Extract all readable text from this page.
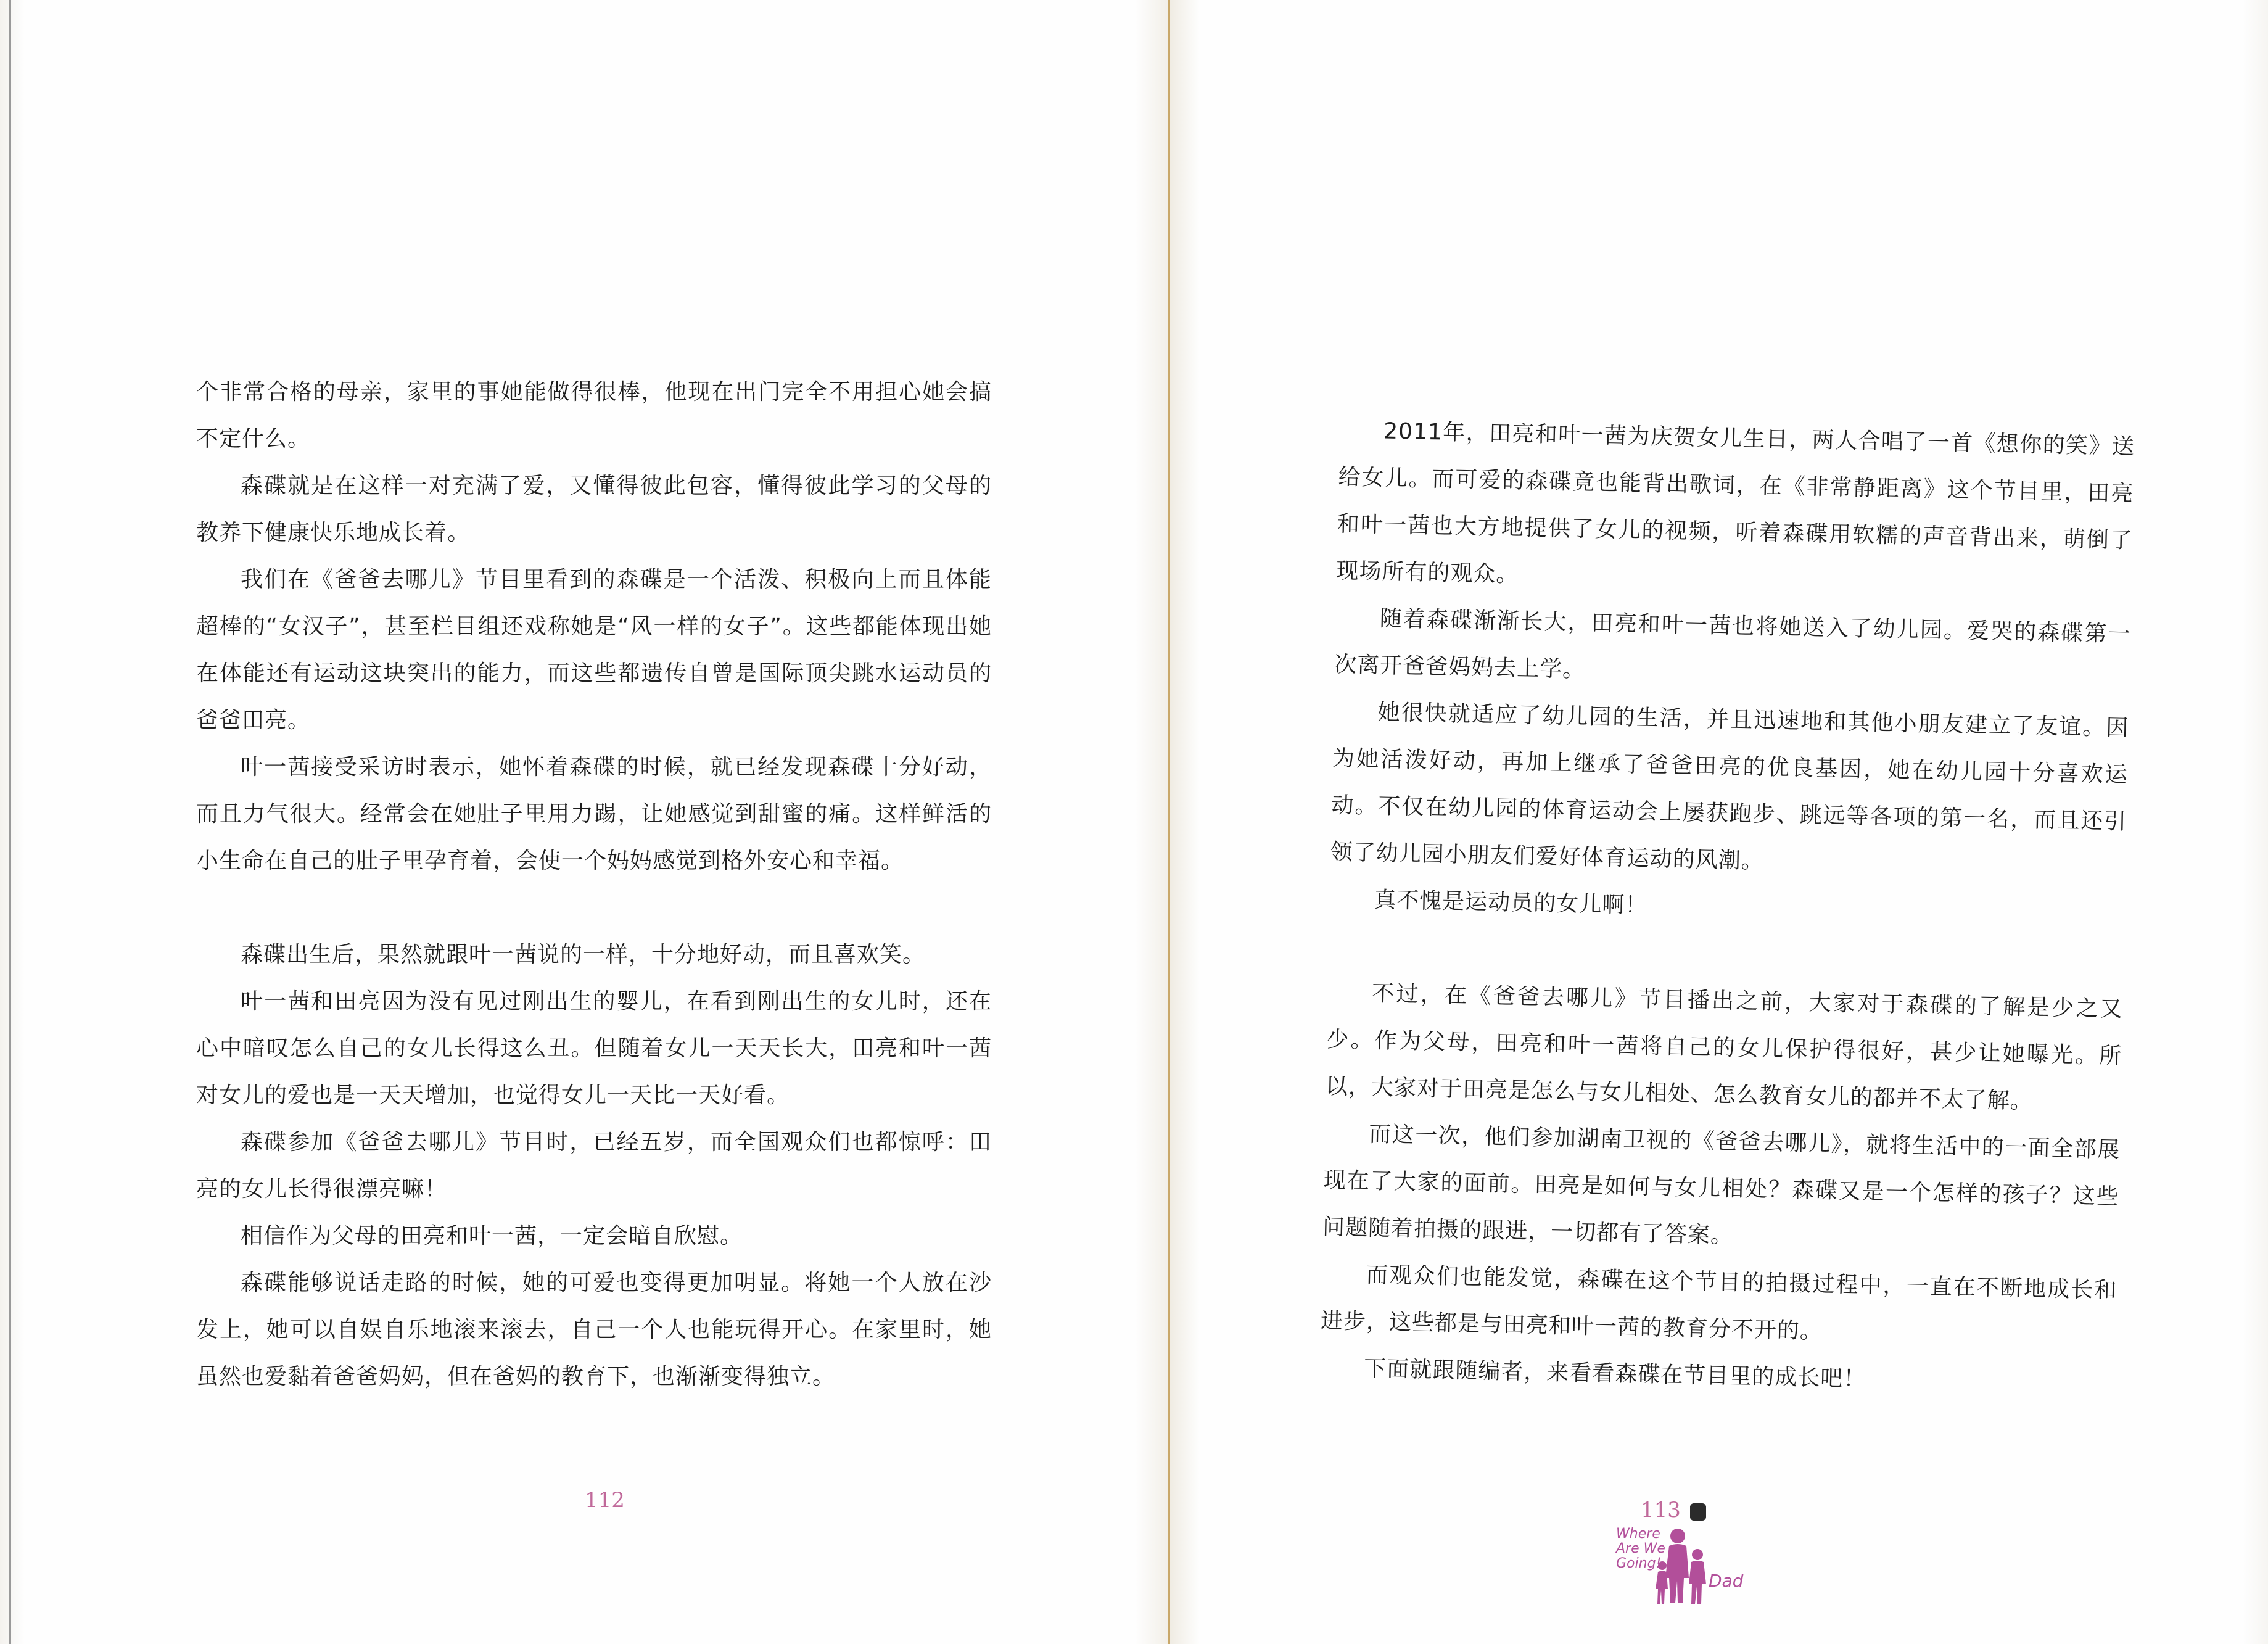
个非常合格的母亲，家里的事她能做得很棒，他现在出门完全不用担心她会搞不定什么。

森碟就是在这样一对充满了爱，又懂得彼此包容，懂得彼此学习的父母的教养下健康快乐地成长着。

我们在《爸爸去哪儿》节目里看到的森碟是一个活泼、积极向上而且体能超棒的“女汉子”，甚至栏目组还戏称她是“风一样的女子”。这些都能体现出她在体能还有运动这块突出的能力，而这些都遗传自曾是国际顶尖跳水运动员的爸爸田亮。

叶一茜接受采访时表示，她怀着森碟的时候，就已经发现森碟十分好动，而且力气很大。经常会在她肚子里用力踢，让她感觉到甜蜜的痛。这样鲜活的小生命在自己的肚子里孕育着，会使一个妈妈感觉到格外安心和幸福。

森碟出生后，果然就跟叶一茜说的一样，十分地好动，而且喜欢笑。

叶一茜和田亮因为没有见过刚出生的婴儿，在看到刚出生的女儿时，还在心中暗叹怎么自己的女儿长得这么丑。但随着女儿一天天长大，田亮和叶一茜对女儿的爱也是一天天增加，也觉得女儿一天比一天好看。

森碟参加《爸爸去哪儿》节目时，已经五岁，而全国观众们也都惊呼：田亮的女儿长得很漂亮嘛！

相信作为父母的田亮和叶一茜，一定会暗自欣慰。

森碟能够说话走路的时候，她的可爱也变得更加明显。将她一个人放在沙发上，她可以自娱自乐地滚来滚去，自己一个人也能玩得开心。在家里时，她虽然也爱黏着爸爸妈妈，但在爸妈的教育下，也渐渐变得独立。

2011年，田亮和叶一茜为庆贺女儿生日，两人合唱了一首《想你的笑》送给女儿。而可爱的森碟竟也能背出歌词，在《非常静距离》这个节目里，田亮和叶一茜也大方地提供了女儿的视频，听着森碟用软糯的声音背出来，萌倒了现场所有的观众。

随着森碟渐渐长大，田亮和叶一茜也将她送入了幼儿园。爱哭的森碟第一次离开爸爸妈妈去上学。

她很快就适应了幼儿园的生活，并且迅速地和其他小朋友建立了友谊。因为她活泼好动，再加上继承了爸爸田亮的优良基因，她在幼儿园十分喜欢运动。不仅在幼儿园的体育运动会上屡获跑步、跳远等各项的第一名，而且还引领了幼儿园小朋友们爱好体育运动的风潮。

真不愧是运动员的女儿啊！

不过，在《爸爸去哪儿》节目播出之前，大家对于森碟的了解是少之又少。作为父母，田亮和叶一茜将自己的女儿保护得很好，甚少让她曝光。所以，大家对于田亮是怎么与女儿相处、怎么教育女儿的都并不太了解。

而这一次，他们参加湖南卫视的《爸爸去哪儿》，就将生活中的一面全部展现在了大家的面前。田亮是如何与女儿相处？森碟又是一个怎样的孩子？这些问题随着拍摄的跟进，一切都有了答案。

而观众们也能发觉，森碟在这个节目的拍摄过程中，一直在不断地成长和进步，这些都是与田亮和叶一茜的教育分不开的。

下面就跟随编者，来看看森碟在节目里的成长吧！

112	113
Where
Are We
Going!
Dad
